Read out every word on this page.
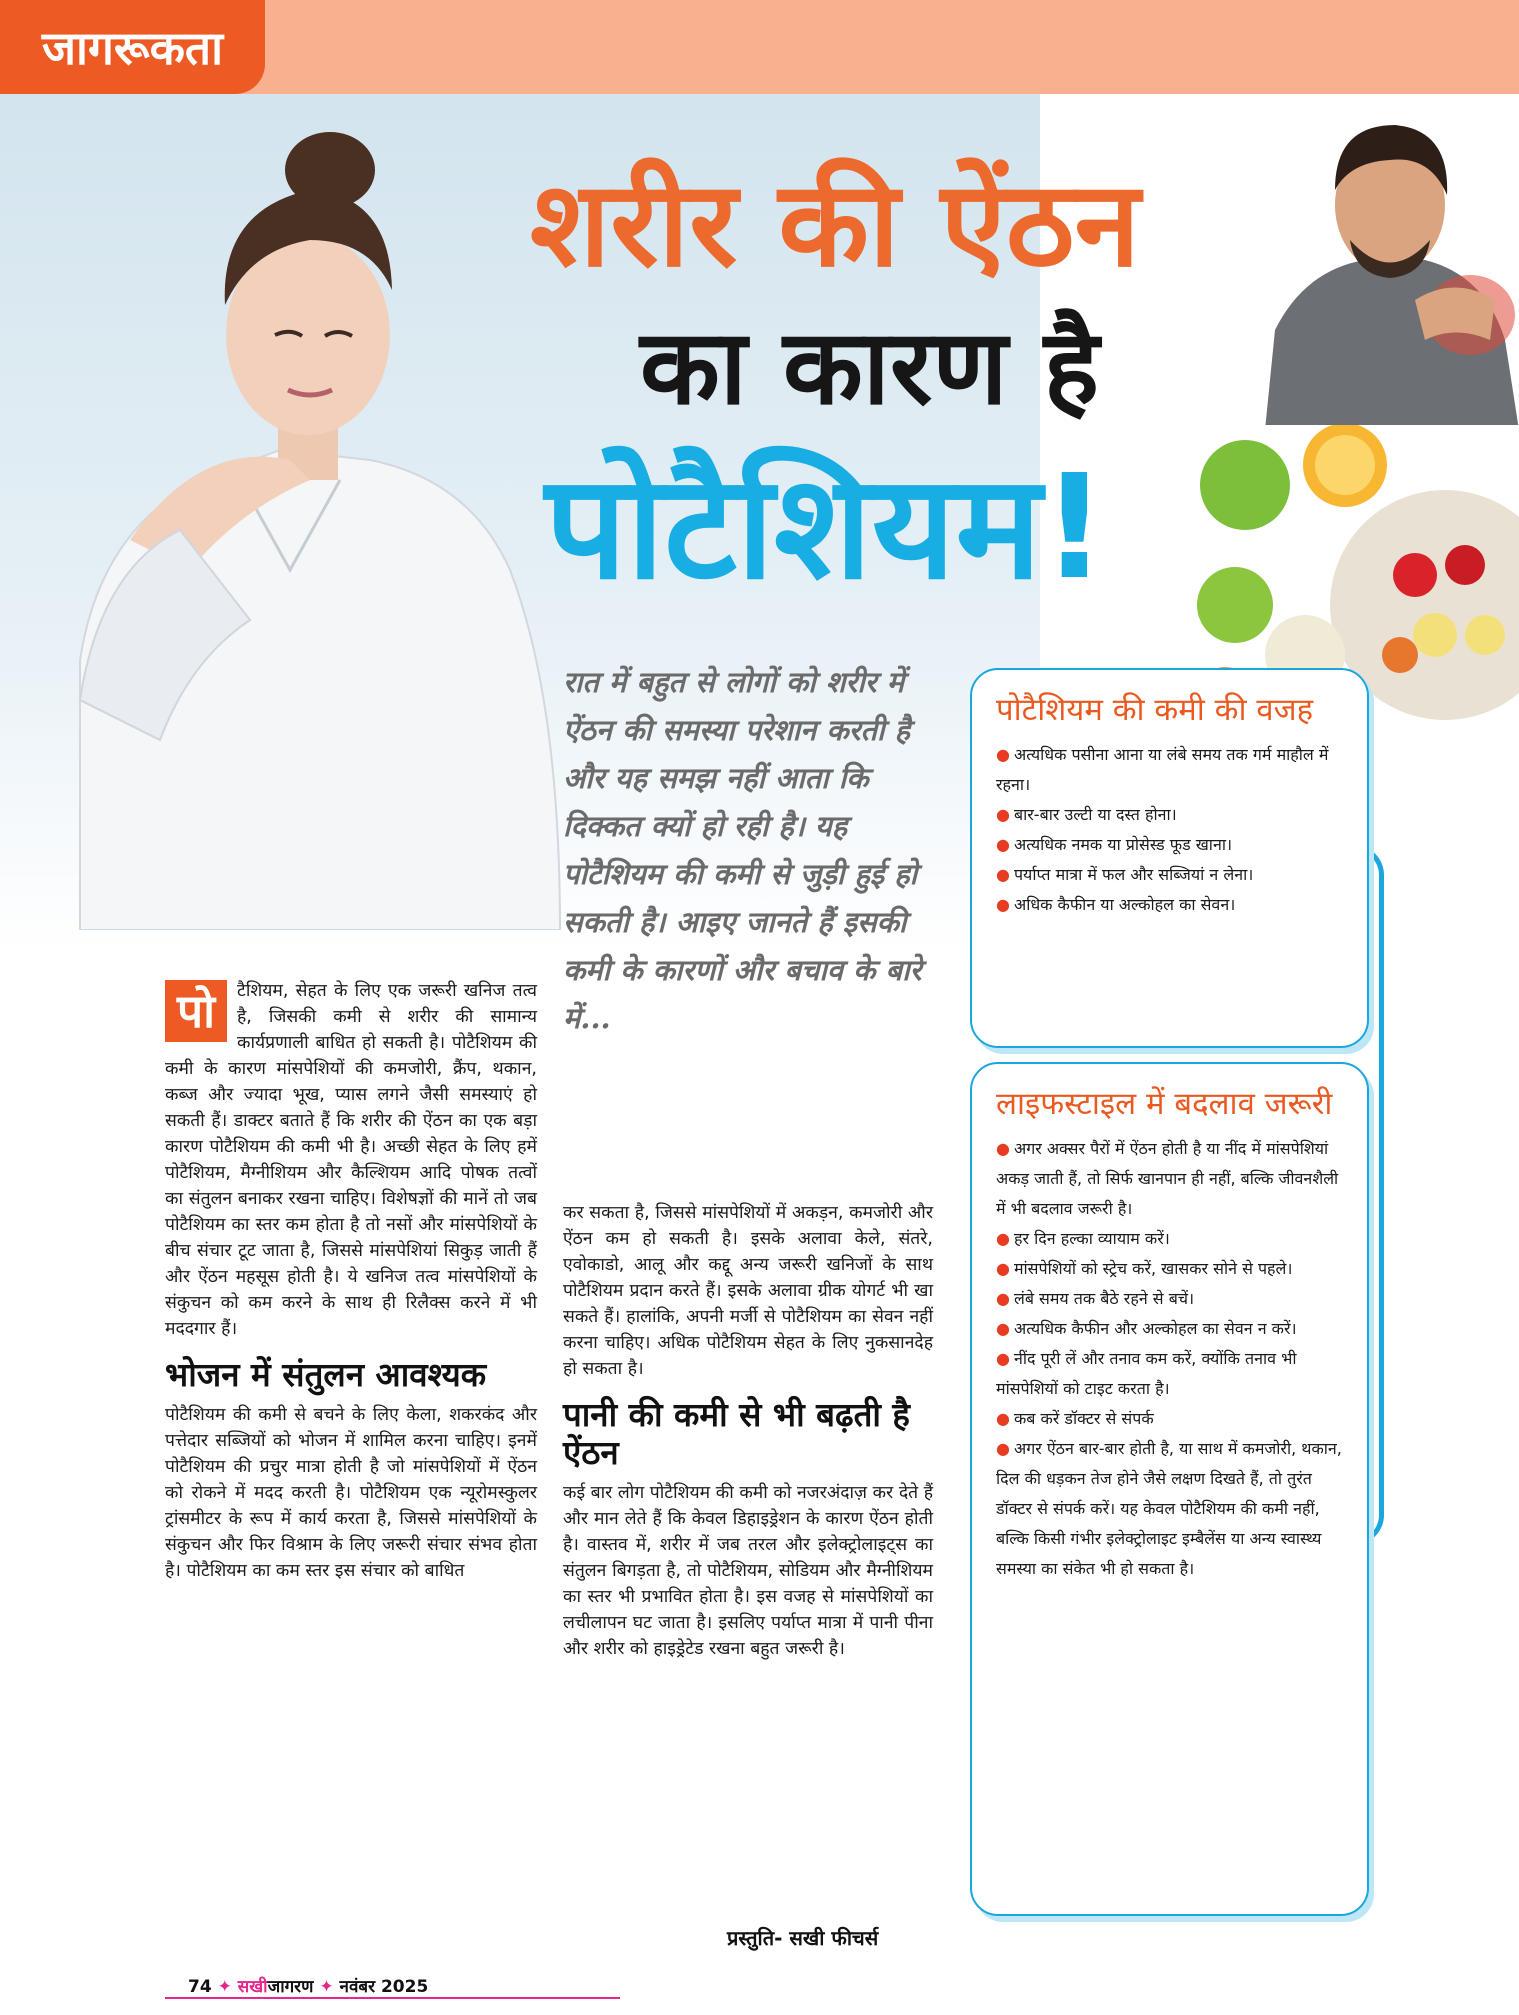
जागरूकता
शरीर की ऐंठन
का कारण है
पोटैशियम!
रात में बहुत से लोगों को शरीर में ऐंठन की समस्या परेशान करती है और यह समझ नहीं आता कि दिक्कत क्यों हो रही है। यह पोटैशियम की कमी से जुड़ी हुई हो सकती है। आइए जानते हैं इसकी कमी के कारणों और बचाव के बारे में...
पो	टैशियम, सेहत के लिए एक जरूरी खनिज तत्व है, जिसकी कमी से शरीर की सामान्य कार्यप्रणाली बाधित हो सकती है। पोटैशियम की कमी के कारण मांसपेशियों की कमजोरी, क्रैंप, थकान, कब्ज और ज्यादा भूख, प्यास लगने जैसी समस्याएं हो सकती हैं। डाक्टर बताते हैं कि शरीर की ऐंठन का एक बड़ा कारण पोटैशियम की कमी भी है। अच्छी सेहत के लिए हमें पोटैशियम, मैग्नीशियम और कैल्शियम आदि पोषक तत्वों का संतुलन बनाकर रखना चाहिए। विशेषज्ञों की मानें तो जब पोटैशियम का स्तर कम होता है तो नसों और मांसपेशियों के बीच संचार टूट जाता है, जिससे मांसपेशियां सिकुड़ जाती हैं और ऐंठन महसूस होती है। ये खनिज तत्व मांसपेशियों के संकुचन को कम करने के साथ ही रिलैक्स करने में भी मददगार हैं।

भोजन में संतुलन आवश्यक

पोटैशियम की कमी से बचने के लिए केला, शकरकंद और पत्तेदार सब्जियों को भोजन में शामिल करना चाहिए। इनमें पोटैशियम की प्रचुर मात्रा होती है जो मांसपेशियों में ऐंठन को रोकने में मदद करती है। पोटैशियम एक न्यूरोमस्कुलर ट्रांसमीटर के रूप में कार्य करता है, जिससे मांसपेशियों के संकुचन और फिर विश्राम के लिए जरूरी संचार संभव होता है। पोटैशियम का कम स्तर इस संचार को बाधित

कर सकता है, जिससे मांसपेशियों में अकड़न, कमजोरी और ऐंठन कम हो सकती है। इसके अलावा केले, संतरे, एवोकाडो, आलू और कद्दू अन्य जरूरी खनिजों के साथ पोटैशियम प्रदान करते हैं। इसके अलावा ग्रीक योगर्ट भी खा सकते हैं। हालांकि, अपनी मर्जी से पोटैशियम का सेवन नहीं करना चाहिए। अधिक पोटैशियम सेहत के लिए नुकसानदेह हो सकता है।

पानी की कमी से भी बढ़ती है ऐंठन

कई बार लोग पोटैशियम की कमी को नजरअंदाज़ कर देते हैं और मान लेते हैं कि केवल डिहाइड्रेशन के कारण ऐंठन होती है। वास्तव में, शरीर में जब तरल और इलेक्ट्रोलाइट्स का संतुलन बिगड़ता है, तो पोटैशियम, सोडियम और मैग्नीशियम का स्तर भी प्रभावित होता है। इस वजह से मांसपेशियों का लचीलापन घट जाता है। इसलिए पर्याप्त मात्रा में पानी पीना और शरीर को हाइड्रेटेड रखना बहुत जरूरी है।

पोटैशियम की कमी की वजह
● अत्यधिक पसीना आना या लंबे समय तक गर्म माहौल में रहना।
● बार-बार उल्टी या दस्त होना।
● अत्यधिक नमक या प्रोसेस्ड फूड खाना।
● पर्याप्त मात्रा में फल और सब्जियां न लेना।
● अधिक कैफीन या अल्कोहल का सेवन।
लाइफस्टाइल में बदलाव जरूरी
● अगर अक्सर पैरों में ऐंठन होती है या नींद में मांसपेशियां अकड़ जाती हैं, तो सिर्फ खानपान ही नहीं, बल्कि जीवनशैली में भी बदलाव जरूरी है।
● हर दिन हल्का व्यायाम करें।
● मांसपेशियों को स्ट्रेच करें, खासकर सोने से पहले।
● लंबे समय तक बैठे रहने से बचें।
● अत्यधिक कैफीन और अल्कोहल का सेवन न करें।
● नींद पूरी लें और तनाव कम करें, क्योंकि तनाव भी मांसपेशियों को टाइट करता है।
● कब करें डॉक्टर से संपर्क
● अगर ऐंठन बार-बार होती है, या साथ में कमजोरी, थकान, दिल की धड़कन तेज होने जैसे लक्षण दिखते हैं, तो तुरंत डॉक्टर से संपर्क करें। यह केवल पोटैशियम की कमी नहीं, बल्कि किसी गंभीर इलेक्ट्रोलाइट इम्बैलेंस या अन्य स्वास्थ्य समस्या का संकेत भी हो सकता है।
प्रस्तुति- सखी फीचर्स
74 ✦ सखीजागरण ✦ नवंबर 2025
